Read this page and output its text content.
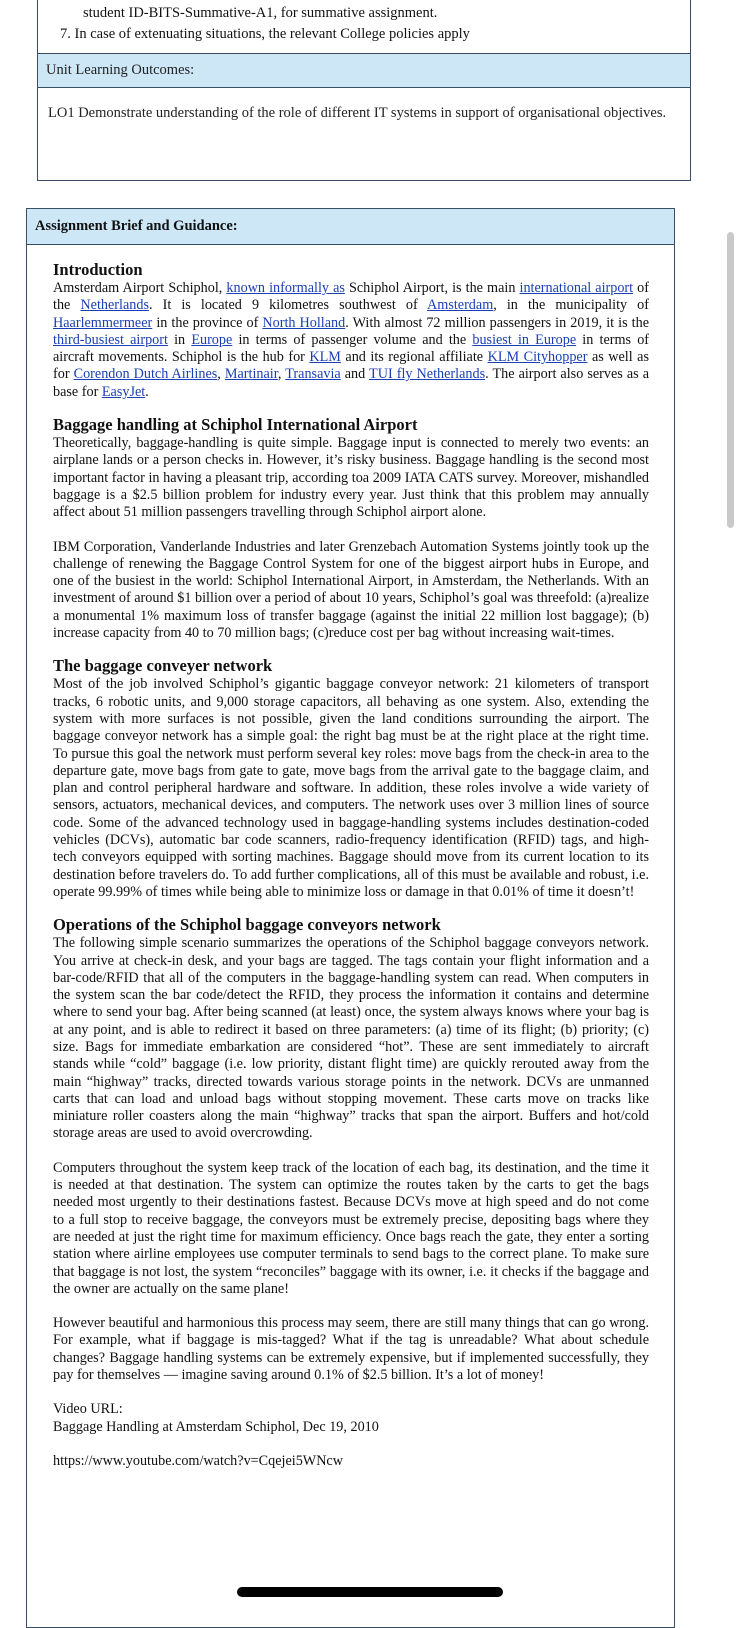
student ID-BITS-Summative-A1, for summative assignment.
7. In case of extenuating situations, the relevant College policies apply
Unit Learning Outcomes:
LO1 Demonstrate understanding of the role of different IT systems in support of organisational objectives.
Assignment Brief and Guidance:
Introduction

Amsterdam Airport Schiphol, known informally as Schiphol Airport, is the main international airport of the Netherlands. It is located 9 kilometres southwest of Amsterdam, in the municipality of Haarlemmermeer in the province of North Holland. With almost 72 million passengers in 2019, it is the third-busiest airport in Europe in terms of passenger volume and the busiest in Europe in terms of aircraft movements. Schiphol is the hub for KLM and its regional affiliate KLM Cityhopper as well as for Corendon Dutch Airlines, Martinair, Transavia and TUI fly Netherlands. The airport also serves as a base for EasyJet.

Baggage handling at Schiphol International Airport

Theoretically, baggage-handling is quite simple. Baggage input is connected to merely two events: an airplane lands or a person checks in. However, it’s risky business. Baggage handling is the second most important factor in having a pleasant trip, according toa 2009 IATA CATS survey. Moreover, mishandled baggage is a $2.5 billion problem for industry every year. Just think that this problem may annually affect about 51 million passengers travelling through Schiphol airport alone.

IBM Corporation, Vanderlande Industries and later Grenzebach Automation Systems jointly took up the challenge of renewing the Baggage Control System for one of the biggest airport hubs in Europe, and one of the busiest in the world: Schiphol International Airport, in Amsterdam, the Netherlands. With an investment of around $1 billion over a period of about 10 years, Schiphol’s goal was threefold: (a)realize a monumental 1% maximum loss of transfer baggage (against the initial 22 million lost baggage); (b) increase capacity from 40 to 70 million bags; (c)reduce cost per bag without increasing wait-times.

The baggage conveyer network

Most of the job involved Schiphol’s gigantic baggage conveyor network: 21 kilometers of transport tracks, 6 robotic units, and 9,000 storage capacitors, all behaving as one system. Also, extending the system with more surfaces is not possible, given the land conditions surrounding the airport. The baggage conveyor network has a simple goal: the right bag must be at the right place at the right time. To pursue this goal the network must perform several key roles: move bags from the check-in area to the departure gate, move bags from gate to gate, move bags from the arrival gate to the baggage claim, and plan and control peripheral hardware and software. In addition, these roles involve a wide variety of sensors, actuators, mechanical devices, and computers. The network uses over 3 million lines of source code. Some of the advanced technology used in baggage-handling systems includes destination-coded vehicles (DCVs), automatic bar code scanners, radio-frequency identification (RFID) tags, and high- tech conveyors equipped with sorting machines. Baggage should move from its current location to its destination before travelers do. To add further complications, all of this must be available and robust, i.e. operate 99.99% of times while being able to minimize loss or damage in that 0.01% of time it doesn’t!

Operations of the Schiphol baggage conveyors network

The following simple scenario summarizes the operations of the Schiphol baggage conveyors network. You arrive at check-in desk, and your bags are tagged. The tags contain your flight information and a bar-code/RFID that all of the computers in the baggage-handling system can read. When computers in the system scan the bar code/detect the RFID, they process the information it contains and determine where to send your bag. After being scanned (at least) once, the system always knows where your bag is at any point, and is able to redirect it based on three parameters: (a) time of its flight; (b) priority; (c) size. Bags for immediate embarkation are considered “hot”. These are sent immediately to aircraft stands while “cold” baggage (i.e. low priority, distant flight time) are quickly rerouted away from the main “highway” tracks, directed towards various storage points in the network. DCVs are unmanned carts that can load and unload bags without stopping movement. These carts move on tracks like miniature roller coasters along the main “highway” tracks that span the airport. Buffers and hot/cold storage areas are used to avoid overcrowding.

Computers throughout the system keep track of the location of each bag, its destination, and the time it is needed at that destination. The system can optimize the routes taken by the carts to get the bags needed most urgently to their destinations fastest. Because DCVs move at high speed and do not come to a full stop to receive baggage, the conveyors must be extremely precise, depositing bags where they are needed at just the right time for maximum efficiency. Once bags reach the gate, they enter a sorting station where airline employees use computer terminals to send bags to the correct plane. To make sure that baggage is not lost, the system “reconciles” baggage with its owner, i.e. it checks if the baggage and the owner are actually on the same plane!

However beautiful and harmonious this process may seem, there are still many things that can go wrong. For example, what if baggage is mis-tagged? What if the tag is unreadable? What about schedule changes? Baggage handling systems can be extremely expensive, but if implemented successfully, they pay for themselves — imagine saving around 0.1% of $2.5 billion. It’s a lot of money!

Video URL:
Baggage Handling at Amsterdam Schiphol, Dec 19, 2010
https://www.youtube.com/watch?v=Cqejei5WNcw
